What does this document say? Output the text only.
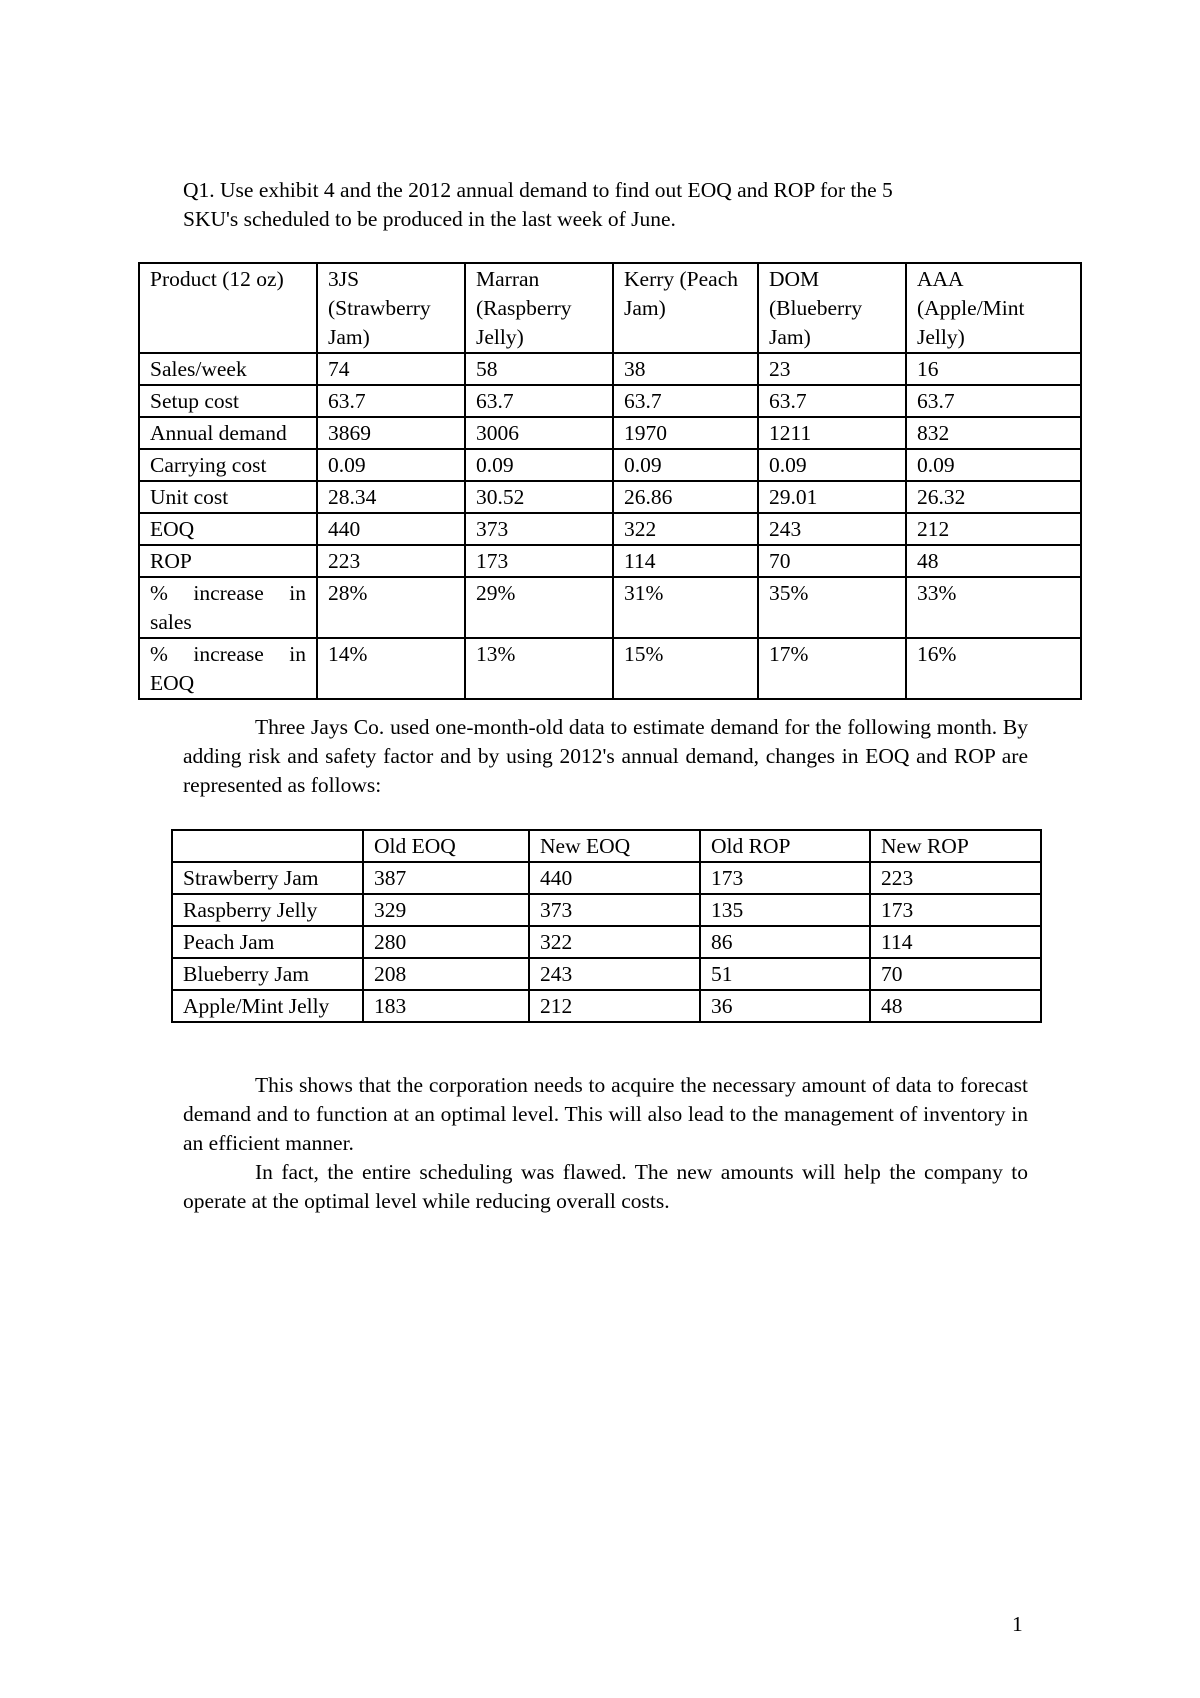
Q1. Use exhibit 4 and the 2012 annual demand to find out EOQ and ROP for the 5
SKU's scheduled to be produced in the last week of June.

Product (12 oz)	3JS (Strawberry Jam)	Marran (Raspberry Jelly)	Kerry (Peach Jam)	DOM (Blueberry Jam)	AAA (Apple/Mint Jelly)
Sales/week	74	58	38	23	16
Setup cost	63.7	63.7	63.7	63.7	63.7
Annual demand	3869	3006	1970	1211	832
Carrying cost	0.09	0.09	0.09	0.09	0.09
Unit cost	28.34	30.52	26.86	29.01	26.32
EOQ	440	373	322	243	212
ROP	223	173	114	70	48
% increase in sales	28%	29%	31%	35%	33%
% increase in EOQ	14%	13%	15%	17%	16%

Three Jays Co. used one-month-old data to estimate demand for the following month. By adding risk and safety factor and by using 2012's annual demand, changes in EOQ and ROP are represented as follows:

	Old EOQ	New EOQ	Old ROP	New ROP
Strawberry Jam	387	440	173	223
Raspberry Jelly	329	373	135	173
Peach Jam	280	322	86	114
Blueberry Jam	208	243	51	70
Apple/Mint Jelly	183	212	36	48

This shows that the corporation needs to acquire the necessary amount of data to forecast demand and to function at an optimal level. This will also lead to the management of inventory in an efficient manner.

In fact, the entire scheduling was flawed. The new amounts will help the company to operate at the optimal level while reducing overall costs.

1
